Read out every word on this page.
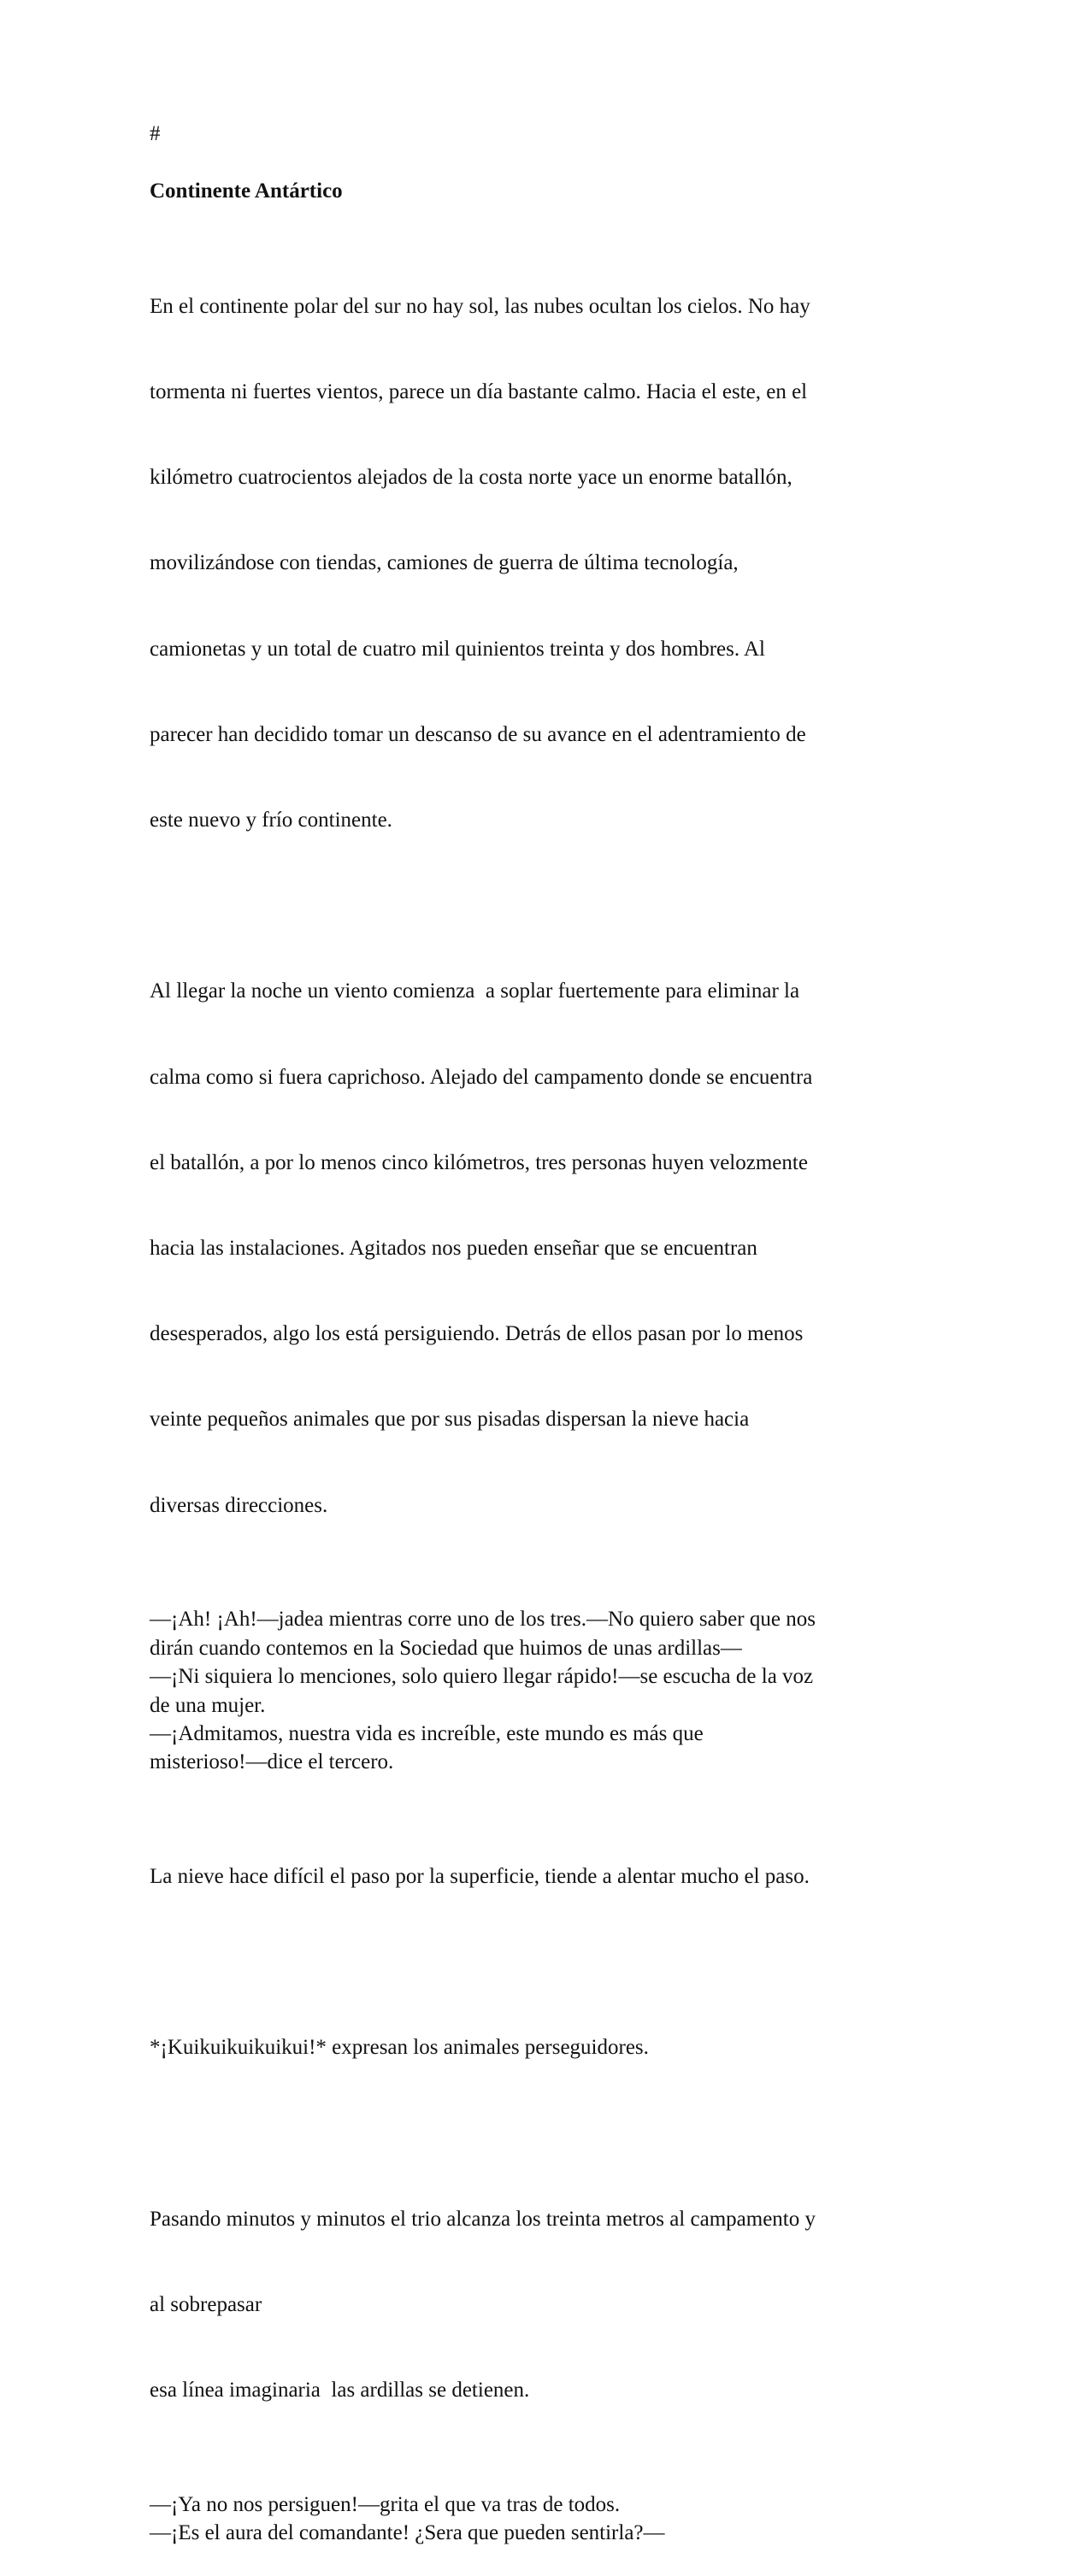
#
Continente Antártico

En el continente polar del sur no hay sol, las nubes ocultan los cielos. No hay

tormenta ni fuertes vientos, parece un día bastante calmo. Hacia el este, en el

kilómetro cuatrocientos alejados de la costa norte yace un enorme batallón,

movilizándose con tiendas, camiones de guerra de última tecnología,

camionetas y un total de cuatro mil quinientos treinta y dos hombres. Al

parecer han decidido tomar un descanso de su avance en el adentramiento de

este nuevo y frío continente.

Al llegar la noche un viento comienza  a soplar fuertemente para eliminar la

calma como si fuera caprichoso. Alejado del campamento donde se encuentra

el batallón, a por lo menos cinco kilómetros, tres personas huyen velozmente

hacia las instalaciones. Agitados nos pueden enseñar que se encuentran

desesperados, algo los está persiguiendo. Detrás de ellos pasan por lo menos

veinte pequeños animales que por sus pisadas dispersan la nieve hacia

diversas direcciones.

—¡Ah! ¡Ah!—jadea mientras corre uno de los tres.—No quiero saber que nos
dirán cuando contemos en la Sociedad que huimos de unas ardillas—
—¡Ni siquiera lo menciones, solo quiero llegar rápido!—se escucha de la voz
de una mujer.
—¡Admitamos, nuestra vida es increíble, este mundo es más que
misterioso!—dice el tercero.

La nieve hace difícil el paso por la superficie, tiende a alentar mucho el paso.

*¡Kuikuikuikuikui!* expresan los animales perseguidores.

Pasando minutos y minutos el trio alcanza los treinta metros al campamento y

al sobrepasar

esa línea imaginaria  las ardillas se detienen.

—¡Ya no nos persiguen!—grita el que va tras de todos.
—¡Es el aura del comandante! ¿Sera que pueden sentirla?—
